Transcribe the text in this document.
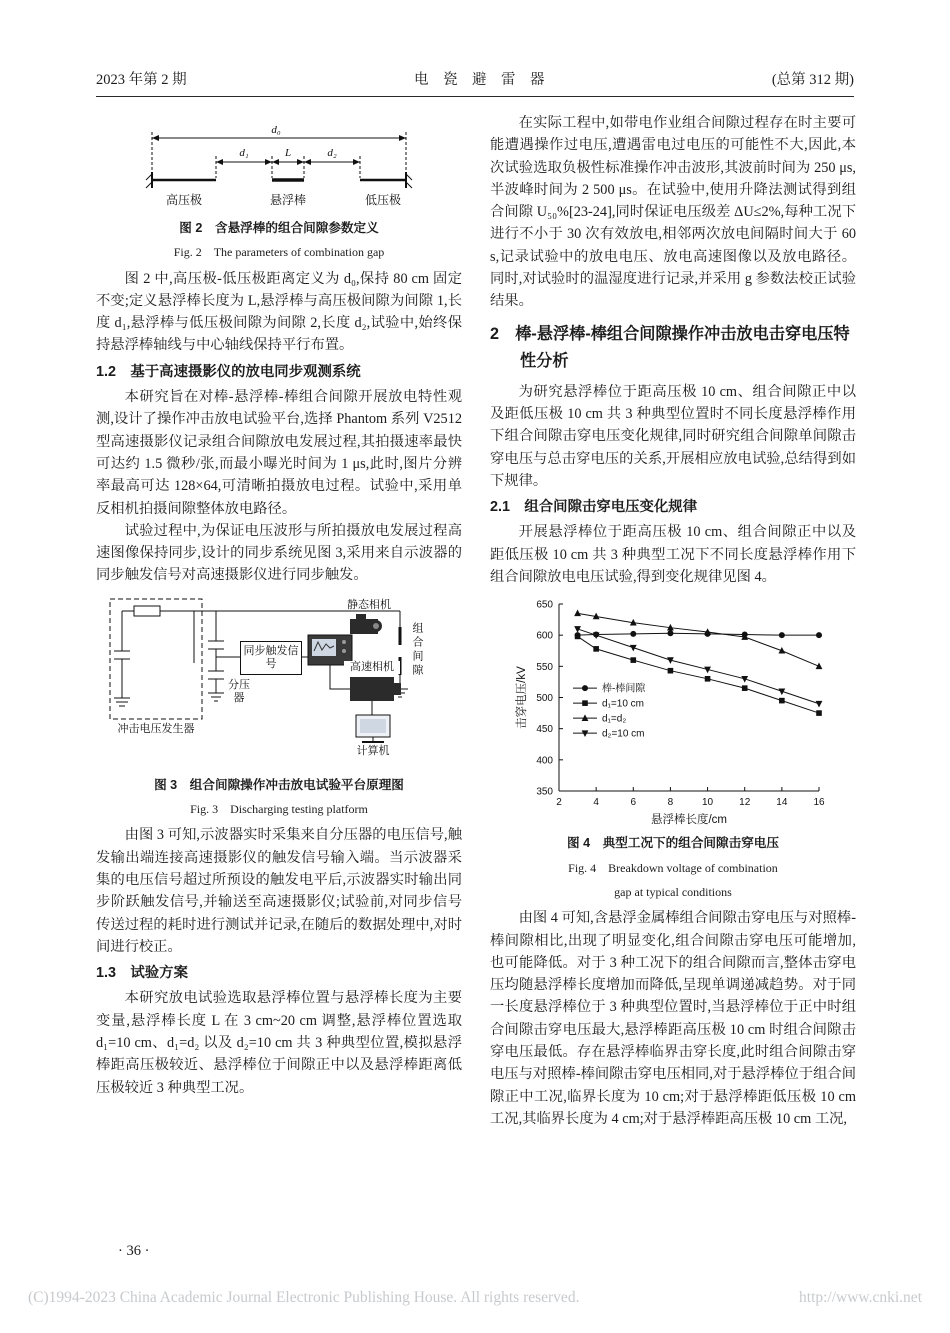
2023 年第 2 期	电　瓷　避　雷　器	(总第 312 期)
d₀
d₁	L	d₂
高压极	悬浮棒	低压极
图 2　含悬浮棒的组合间隙参数定义
Fig. 2　The parameters of combination gap

图 2 中,高压极-低压极距离定义为 d₀,保持 80 cm 固定不变;定义悬浮棒长度为 L,悬浮棒与高压极间隙为间隙 1,长度 d₁,悬浮棒与低压极间隙为间隙 2,长度 d₂,试验中,始终保持悬浮棒轴线与中心轴线保持平行布置。

1.2　基于高速摄影仪的放电同步观测系统

本研究旨在对棒-悬浮棒-棒组合间隙开展放电特性观测,设计了操作冲击放电试验平台,选择 Phantom 系列 V2512 型高速摄影仪记录组合间隙放电发展过程,其拍摄速率最快可达约 1.5 微秒/张,而最小曝光时间为 1 μs,此时,图片分辨率最高可达 128×64,可清晰拍摄放电过程。试验中,采用单反相机拍摄间隙整体放电路径。

试验过程中,为保证电压波形与所拍摄放电发展过程高速图像保持同步,设计的同步系统见图 3,采用来自示波器的同步触发信号对高速摄影仪进行同步触发。

同步触发信号
静态相机
组合间隙
分压器
高速相机
冲击电压发生器
计算机
图 3　组合间隙操作冲击放电试验平台原理图
Fig. 3　Discharging testing platform

由图 3 可知,示波器实时采集来自分压器的电压信号,触发输出端连接高速摄影仪的触发信号输入端。当示波器采集的电压信号超过所预设的触发电平后,示波器实时输出同步阶跃触发信号,并输送至高速摄影仪;试验前,对同步信号传送过程的耗时进行测试并记录,在随后的数据处理中,对时间进行校正。

1.3　试验方案

本研究放电试验选取悬浮棒位置与悬浮棒长度为主要变量,悬浮棒长度 L 在 3 cm~20 cm 调整,悬浮棒位置选取 d₁=10 cm、d₁=d₂ 以及 d₂=10 cm 共 3 种典型位置,模拟悬浮棒距高压极较近、悬浮棒位于间隙正中以及悬浮棒距离低压极较近 3 种典型工况。

在实际工程中,如带电作业组合间隙过程存在时主要可能遭遇操作过电压,遭遇雷电过电压的可能性不大,因此,本次试验选取负极性标准操作冲击波形,其波前时间为 250 μs,半波峰时间为 2 500 μs。在试验中,使用升降法测试得到组合间隙 U₅₀%[23-24],同时保证电压级差 ΔU≤2%,每种工况下进行不小于 30 次有效放电,相邻两次放电间隔时间大于 60 s,记录试验中的放电电压、放电高速图像以及放电路径。同时,对试验时的温湿度进行记录,并采用 g 参数法校正试验结果。

2　棒-悬浮棒-棒组合间隙操作冲击放电击穿电压特性分析

为研究悬浮棒位于距高压极 10 cm、组合间隙正中以及距低压极 10 cm 共 3 种典型位置时不同长度悬浮棒作用下组合间隙击穿电压变化规律,同时研究组合间隙单间隙击穿电压与总击穿电压的关系,开展相应放电试验,总结得到如下规律。

2.1　组合间隙击穿电压变化规律

开展悬浮棒位于距高压极 10 cm、组合间隙正中以及距低压极 10 cm 共 3 种典型工况下不同长度悬浮棒作用下组合间隙放电电压试验,得到变化规律见图 4。

2	4	6	8	10	12	14	16
350
400
450
500
550
600
650
棒-棒间隙
d₁=10 cm
d₁=d₂
d₂=10 cm
悬浮棒长度/cm
击穿电压/kV
图 4　典型工况下的组合间隙击穿电压
Fig. 4　Breakdown voltage of combination
gap at typical conditions

由图 4 可知,含悬浮金属棒组合间隙击穿电压与对照棒-棒间隙相比,出现了明显变化,组合间隙击穿电压可能增加,也可能降低。对于 3 种工况下的组合间隙而言,整体击穿电压均随悬浮棒长度增加而降低,呈现单调递减趋势。对于同一长度悬浮棒位于 3 种典型位置时,当悬浮棒位于正中时组合间隙击穿电压最大,悬浮棒距高压极 10 cm 时组合间隙击穿电压最低。存在悬浮棒临界击穿长度,此时组合间隙击穿电压与对照棒-棒间隙击穿电压相同,对于悬浮棒位于组合间隙正中工况,临界长度为 10 cm;对于悬浮棒距低压极 10 cm 工况,其临界长度为 4 cm;对于悬浮棒距高压极 10 cm 工况,

· 36 ·
(C)1994-2023 China Academic Journal Electronic Publishing House. All rights reserved.	http://www.cnki.net
